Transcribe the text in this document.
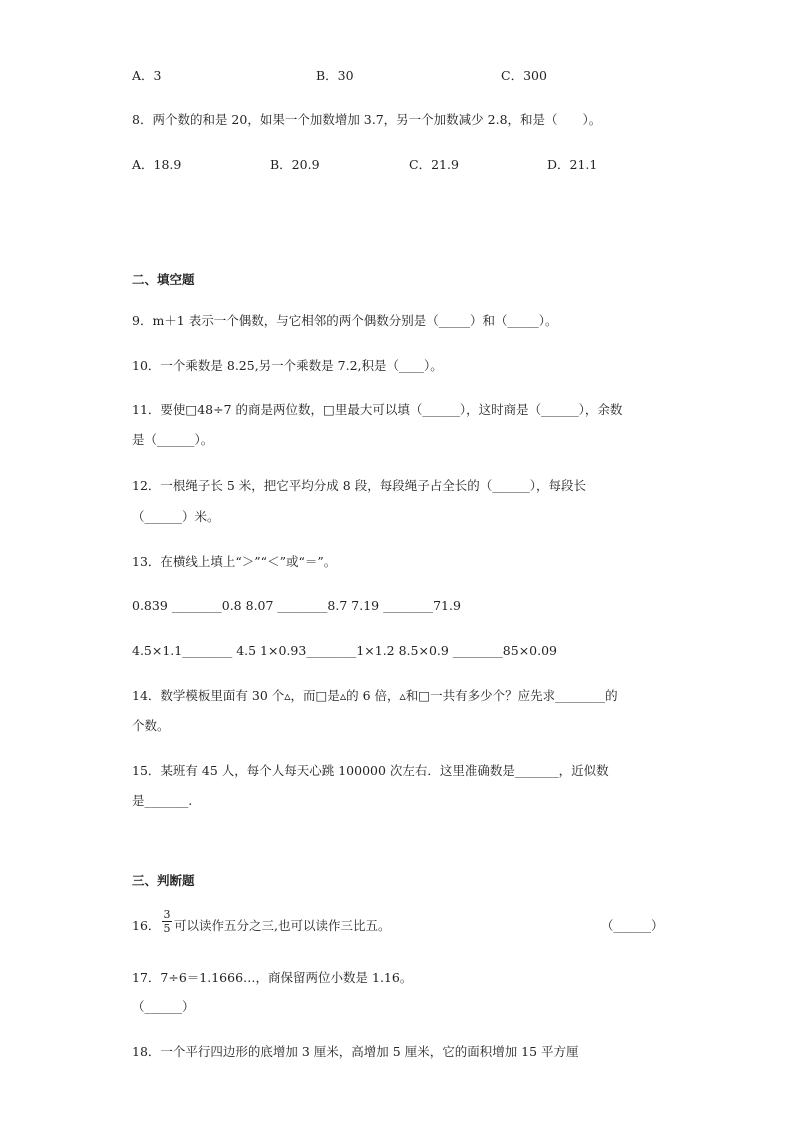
A．3	B．30	C．300
8．两个数的和是 20，如果一个加数增加 3.7，另一个加数减少 2.8，和是（　　）。
A．18.9	B．20.9	C．21.9	D．21.1
二、填空题
9．m＋1 表示一个偶数，与它相邻的两个偶数分别是（_____）和（_____）。
10．一个乘数是 8.25,另一个乘数是 7.2,积是（____）。
11．要使□48÷7 的商是两位数，□里最大可以填（______），这时商是（______），余数
是（______）。
12．一根绳子长 5 米，把它平均分成 8 段，每段绳子占全长的（______），每段长
（______）米。
13．在横线上填上“＞”“＜”或“＝”。
0.839 ________0.8 8.07 ________8.7 7.19 ________71.9
4.5×1.1________ 4.5 1×0.93________1×1.2 8.5×0.9 ________85×0.09
14．数学模板里面有 30 个▵，而□是▵的 6 倍，▵和□一共有多少个？应先求________的
个数。
15．某班有 45 人，每个人每天心跳 100000 次左右．这里准确数是_______，近似数
是_______.
三、判断题
16．
3
5 可以读作五分之三,也可以读作三比五。	（______）
17．7÷6＝1.1666…，商保留两位小数是 1.16。
（______）
18．一个平行四边形的底增加 3 厘米，高增加 5 厘米，它的面积增加 15 平方厘
